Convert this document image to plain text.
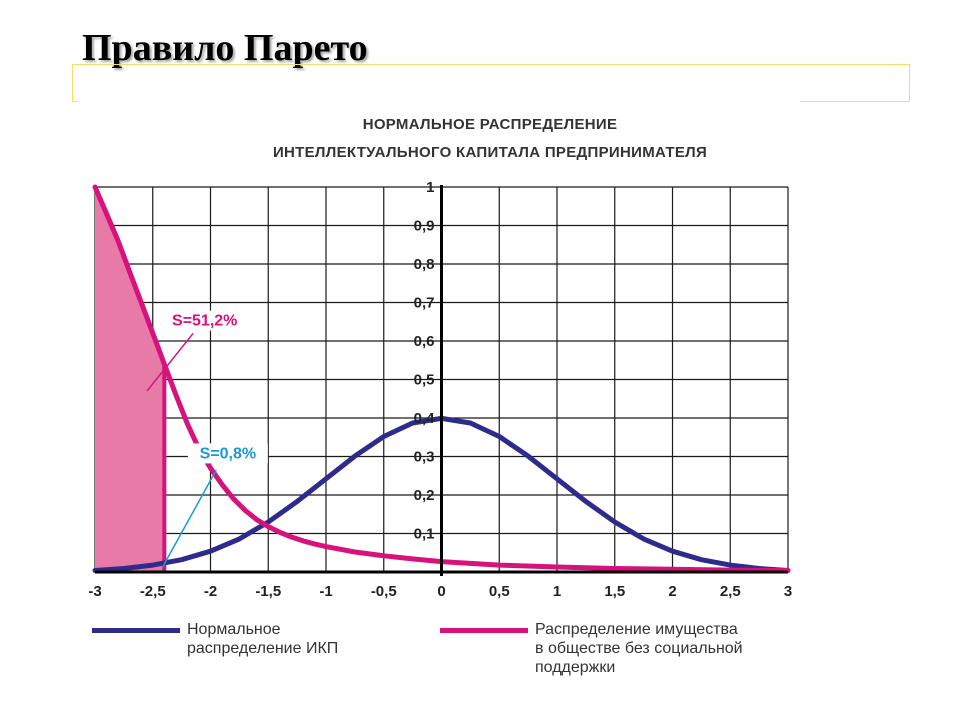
Правило Парето
НОРМАЛЬНОЕ РАСПРЕДЕЛЕНИЕ
ИНТЕЛЛЕКТУАЛЬНОГО КАПИТАЛА ПРЕДПРИНИМАТЕЛЯ
0,1
0,2
0,3
0,4
0,5
0,6
0,7
0,8
0,9
1
-3	-2,5	-2	-1,5	-1	-0,5	0	0,5	1	1,5	2	2,5	3
S=51,2%
S=0,8%
Нормальное
распределение ИКП
Распределение имущества
в обществе без социальной
поддержки
